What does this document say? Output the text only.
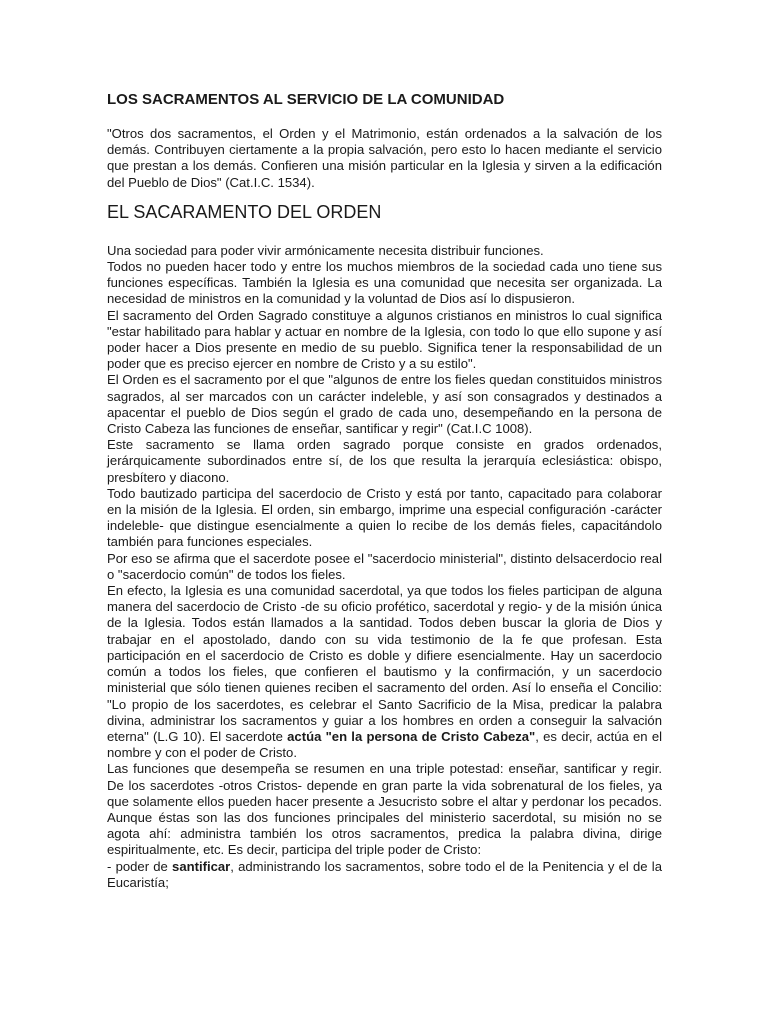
LOS SACRAMENTOS AL SERVICIO DE LA COMUNIDAD

"Otros dos sacramentos, el Orden y el Matrimonio, están ordenados a la salvación de los demás. Contribuyen ciertamente a la propia salvación, pero esto lo hacen mediante el servicio que prestan a los demás. Confieren una misión particular en la Iglesia y sirven a la edificación del Pueblo de Dios" (Cat.I.C. 1534).

EL SACARAMENTO DEL ORDEN

Una sociedad para poder vivir armónicamente necesita distribuir funciones.

Todos no pueden hacer todo y entre los muchos miembros de la sociedad cada uno tiene sus funciones específicas. También la Iglesia es una comunidad que necesita ser organizada. La necesidad de ministros en la comunidad y la voluntad de Dios así lo dispusieron.

El sacramento del Orden Sagrado constituye a algunos cristianos en ministros lo cual significa "estar habilitado para hablar y actuar en nombre de la Iglesia, con todo lo que ello supone y así poder hacer a Dios presente en medio de su pueblo. Significa tener la responsabilidad de un poder que es preciso ejercer en nombre de Cristo y a su estilo".

El Orden es el sacramento por el que "algunos de entre los fieles quedan constituidos ministros sagrados, al ser marcados con un carácter indeleble, y así son consagrados y destinados a apacentar el pueblo de Dios según el grado de cada uno, desempeñando en la persona de Cristo Cabeza las funciones de enseñar, santificar y regir" (Cat.I.C 1008).

Este sacramento se llama orden sagrado porque consiste en grados ordenados, jerárquicamente subordinados entre sí, de los que resulta la jerarquía eclesiástica: obispo, presbítero y diacono.

Todo bautizado participa del sacerdocio de Cristo y está por tanto, capacitado para colaborar en la misión de la Iglesia. El orden, sin embargo, imprime una especial configuración -carácter indeleble- que distingue esencialmente a quien lo recibe de los demás fieles, capacitándolo también para funciones especiales.

Por eso se afirma que el sacerdote posee el "sacerdocio ministerial", distinto delsacerdocio real o "sacerdocio común" de todos los fieles.

En efecto, la Iglesia es una comunidad sacerdotal, ya que todos los fieles participan de alguna manera del sacerdocio de Cristo -de su oficio profético, sacerdotal y regio- y de la misión única de la Iglesia. Todos están llamados a la santidad. Todos deben buscar la gloria de Dios y trabajar en el apostolado, dando con su vida testimonio de la fe que profesan. Esta participación en el sacerdocio de Cristo es doble y difiere esencialmente. Hay un sacerdocio común a todos los fieles, que confieren el bautismo y la confirmación, y un sacerdocio ministerial que sólo tienen quienes reciben el sacramento del orden. Así lo enseña el Concilio: "Lo propio de los sacerdotes, es celebrar el Santo Sacrificio de la Misa, predicar la palabra divina, administrar los sacramentos y guiar a los hombres en orden a conseguir la salvación eterna" (L.G 10). El sacerdote actúa "en la persona de Cristo Cabeza", es decir, actúa en el nombre y con el poder de Cristo.

Las funciones que desempeña se resumen en una triple potestad: enseñar, santificar y regir. De los sacerdotes -otros Cristos- depende en gran parte la vida sobrenatural de los fieles, ya que solamente ellos pueden hacer presente a Jesucristo sobre el altar y perdonar los pecados. Aunque éstas son las dos funciones principales del ministerio sacerdotal, su misión no se agota ahí: administra también los otros sacramentos, predica la palabra divina, dirige espiritualmente, etc. Es decir, participa del triple poder de Cristo:

- poder de santificar, administrando los sacramentos, sobre todo el de la Penitencia y el de la Eucaristía;
